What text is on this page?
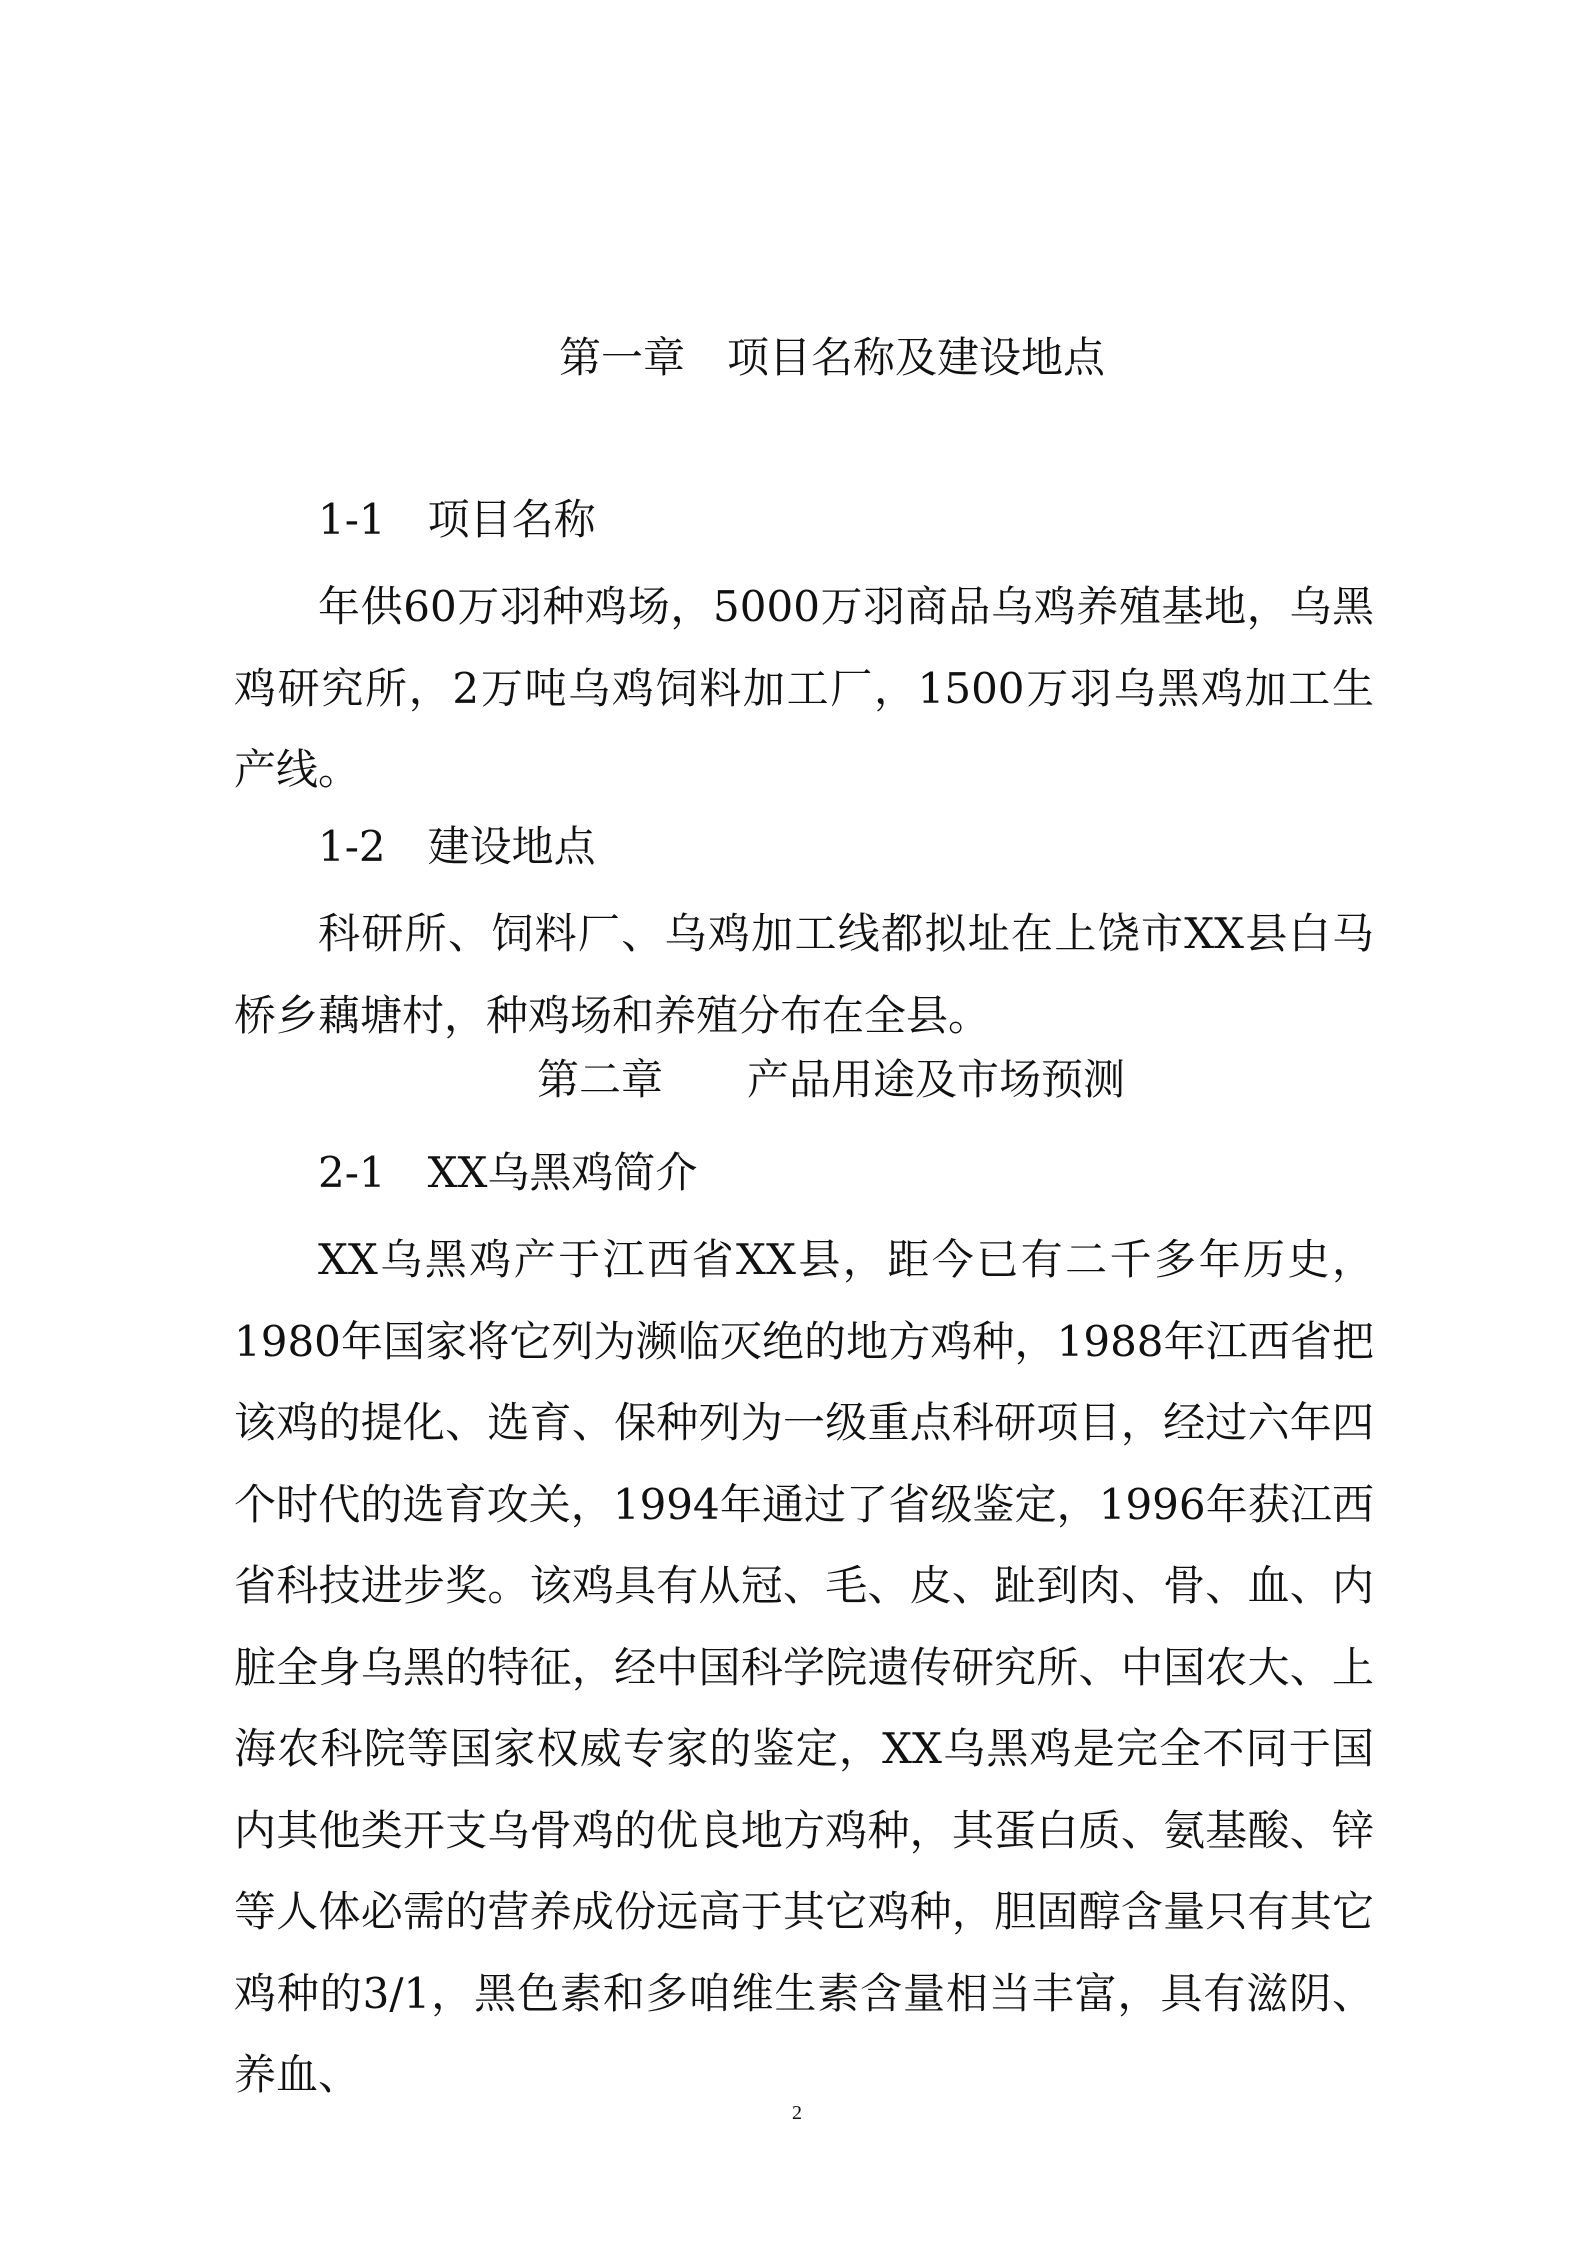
第一章　项目名称及建设地点
1-1　项目名称

年供60万羽种鸡场，5000万羽商品乌鸡养殖基地，乌黑鸡研究所，2万吨乌鸡饲料加工厂，1500万羽乌黑鸡加工生产线。

1-2　建设地点

科研所、饲料厂、乌鸡加工线都拟址在上饶市XX县白马桥乡藕塘村，种鸡场和养殖分布在全县。

第二章　　产品用途及市场预测
2-1　XX乌黑鸡简介

XX乌黑鸡产于江西省XX县，距今已有二千多年历史，1980年国家将它列为濒临灭绝的地方鸡种，1988年江西省把该鸡的提化、选育、保种列为一级重点科研项目，经过六年四个时代的选育攻关，1994年通过了省级鉴定，1996年获江西省科技进步奖。该鸡具有从冠、毛、皮、趾到肉、骨、血、内脏全身乌黑的特征，经中国科学院遗传研究所、中国农大、上海农科院等国家权威专家的鉴定，XX乌黑鸡是完全不同于国内其他类开支乌骨鸡的优良地方鸡种，其蛋白质、氨基酸、锌等人体必需的营养成份远高于其它鸡种，胆固醇含量只有其它鸡种的3/1，黑色素和多咱维生素含量相当丰富，具有滋阴、养血、

2
